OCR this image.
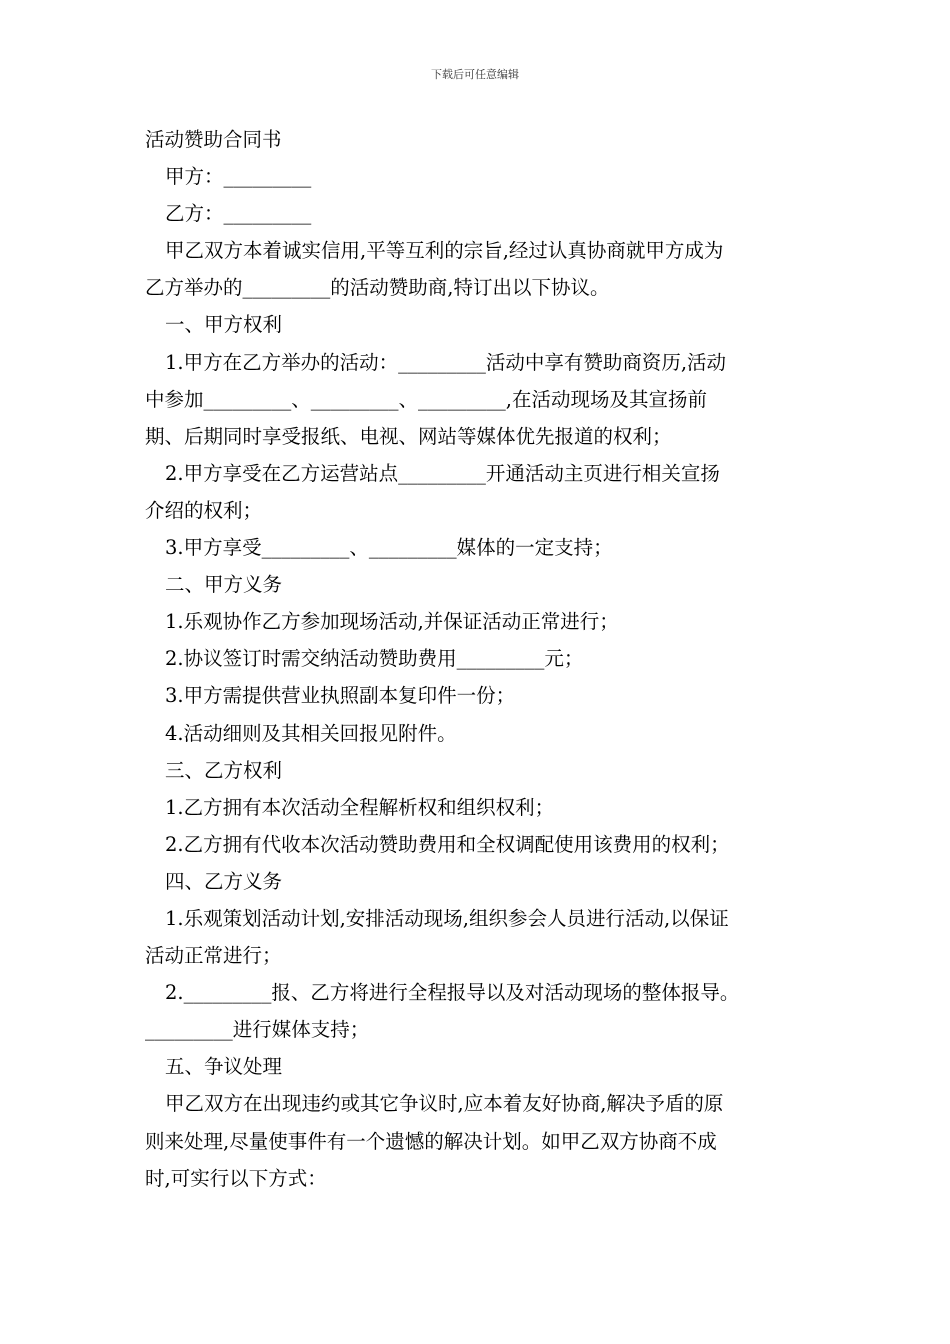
下载后可任意编辑

活动赞助合同书

甲方：_________

乙方：_________

甲乙双方本着诚实信用,平等互利的宗旨,经过认真协商就甲方成为

乙方举办的_________的活动赞助商,特订出以下协议。

一、甲方权利

1.甲方在乙方举办的活动：_________活动中享有赞助商资历,活动

中参加_________、_________、_________,在活动现场及其宣扬前

期、后期同时享受报纸、电视、网站等媒体优先报道的权利；

2.甲方享受在乙方运营站点_________开通活动主页进行相关宣扬

介绍的权利；

3.甲方享受_________、_________媒体的一定支持；

二、甲方义务

1.乐观协作乙方参加现场活动,并保证活动正常进行；

2.协议签订时需交纳活动赞助费用_________元；

3.甲方需提供营业执照副本复印件一份；

4.活动细则及其相关回报见附件。

三、乙方权利

1.乙方拥有本次活动全程解析权和组织权利；

2.乙方拥有代收本次活动赞助费用和全权调配使用该费用的权利；

四、乙方义务

1.乐观策划活动计划,安排活动现场,组织参会人员进行活动,以保证

活动正常进行；

2._________报、乙方将进行全程报导以及对活动现场的整体报导。

_________进行媒体支持；

五、争议处理

甲乙双方在出现违约或其它争议时,应本着友好协商,解决予盾的原

则来处理,尽量使事件有一个遗憾的解决计划。如甲乙双方协商不成

时,可实行以下方式：
